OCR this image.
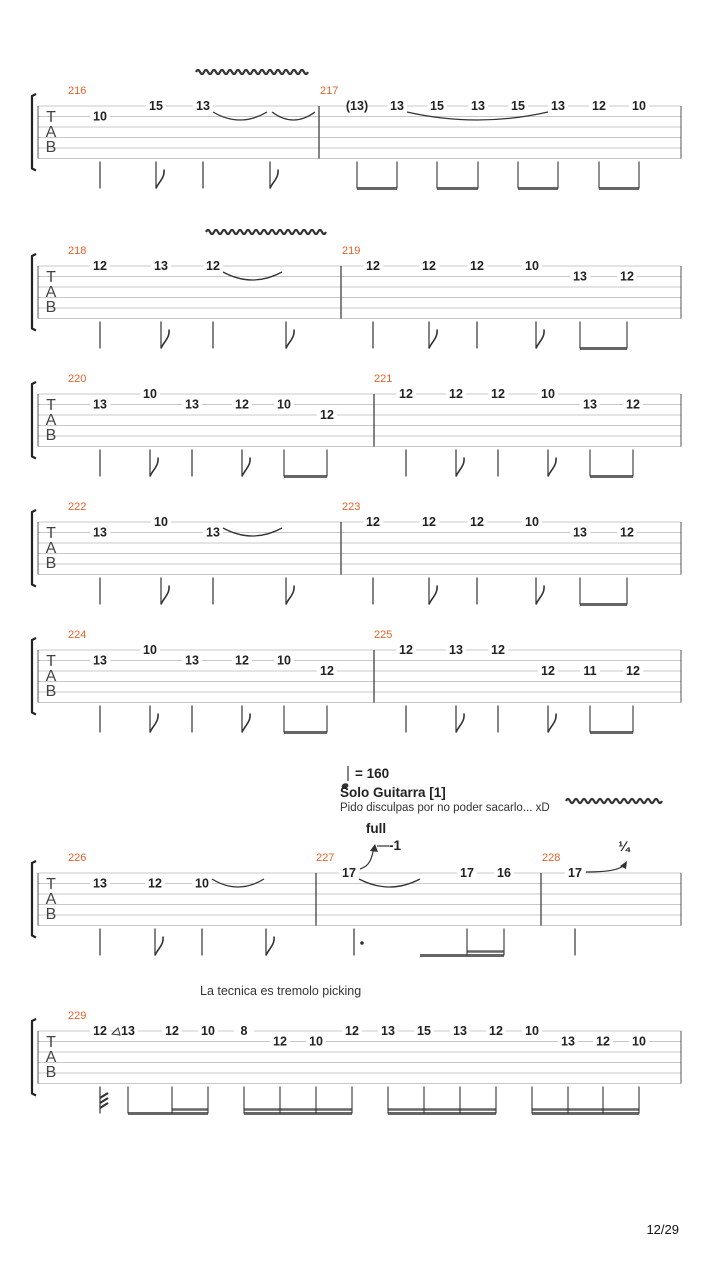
T
A
B
216	217
10
15	13	(13) 13 15 13 15 13 12 10
T
A
B
218	219
12	13	12	12	12	12	10
13	12
T
A
B
220	221
13
10
13	12 10
12
12	12 12	10
13 12
T
A
B
222	223
13
10
13
12	12	12	10
13	12
T
A
B
224	225
13
10
13	12 10
12
12	13 12
12 11 12
T
A
B
226	227	228
13	12	10
17	17 16	17
T
A
B
229
12 13 12 10 8
12 10
12 13 15 13 12 10
13 12 10
= 160
Solo Guitarra [1]
Pido disculpas por no poder sacarlo... xD
full
-1	¼
La tecnica es tremolo picking
12/29
